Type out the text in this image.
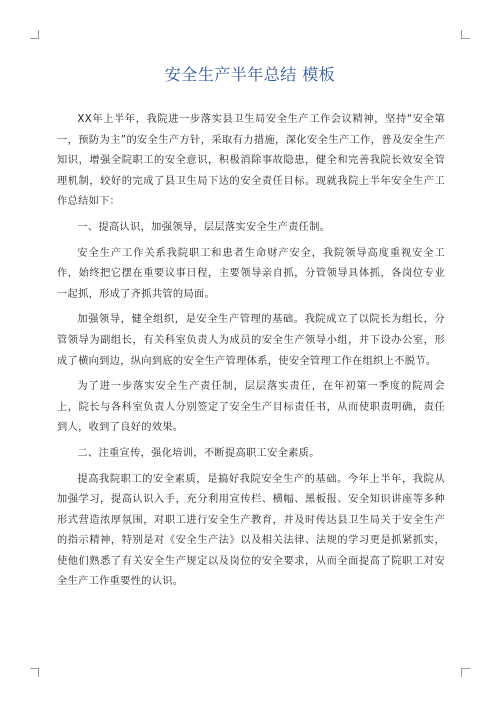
安全生产半年总结 模板

XX年上半年，我院进一步落实县卫生局安全生产工作会议精神，坚持“安全第一，预防为主”的安全生产方针，采取有力措施，深化安全生产工作，普及安全生产知识，增强全院职工的安全意识，积极消除事故隐患，健全和完善我院长效安全管理机制，较好的完成了县卫生局下达的安全责任目标。现就我院上半年安全生产工作总结如下：

一、提高认识，加强领导，层层落实安全生产责任制。

安全生产工作关系我院职工和患者生命财产安全，我院领导高度重视安全工作，始终把它摆在重要议事日程，主要领导亲自抓，分管领导具体抓，各岗位专业一起抓，形成了齐抓共管的局面。

加强领导，健全组织，是安全生产管理的基础。我院成立了以院长为组长，分管领导为副组长，有关科室负责人为成员的安全生产领导小组，并下设办公室，形成了横向到边，纵向到底的安全生产管理体系，使安全管理工作在组织上不脱节。

为了进一步落实安全生产责任制，层层落实责任，在年初第一季度的院周会上，院长与各科室负责人分别签定了安全生产目标责任书，从而使职责明确，责任到人，收到了良好的效果。

二、注重宣传，强化培训，不断提高职工安全素质。

提高我院职工的安全素质，是搞好我院安全生产的基础。今年上半年，我院从加强学习，提高认识入手，充分利用宣传栏、横幅、黑板报、安全知识讲座等多种形式营造浓厚氛围，对职工进行安全生产教育，并及时传达县卫生局关于安全生产的指示精神，特别是对《安全生产法》以及相关法律、法规的学习更是抓紧抓实，使他们熟悉了有关安全生产规定以及岗位的安全要求，从而全面提高了院职工对安全生产工作重要性的认识。
